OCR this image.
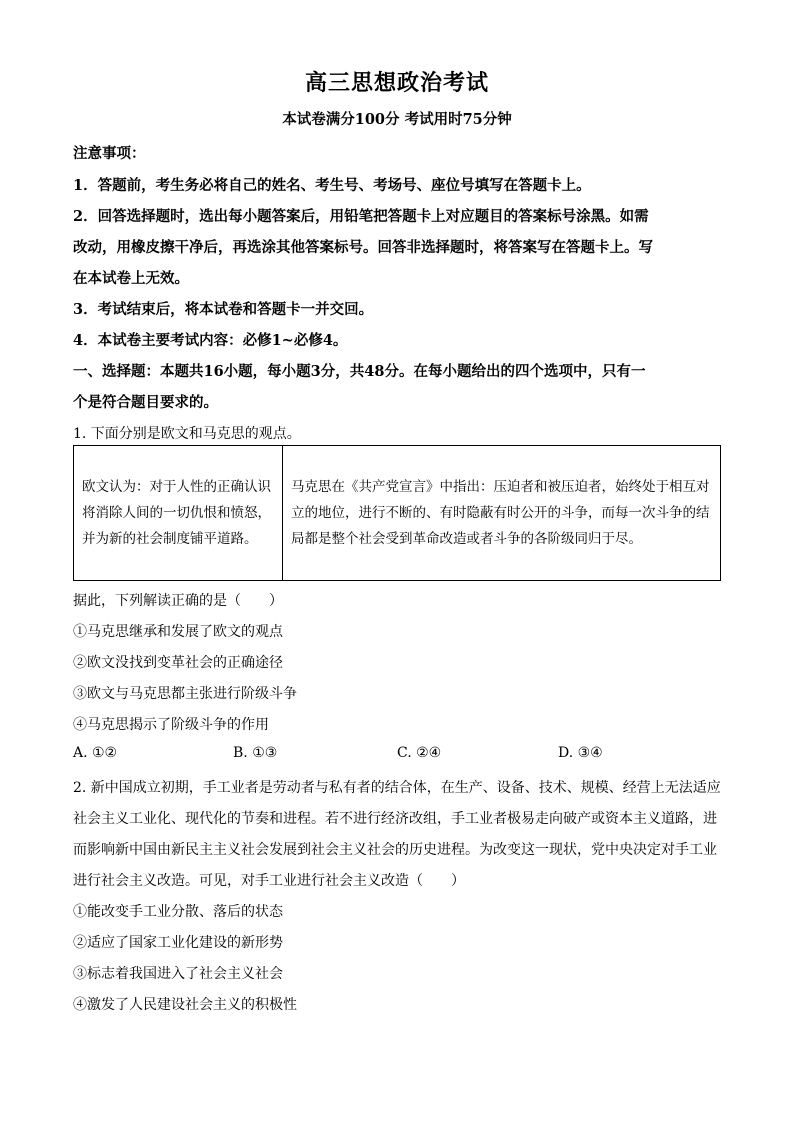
高三思想政治考试
本试卷满分100分 考试用时75分钟
注意事项：
1．答题前，考生务必将自己的姓名、考生号、考场号、座位号填写在答题卡上。
2．回答选择题时，选出每小题答案后，用铅笔把答题卡上对应题目的答案标号涂黑。如需
改动，用橡皮擦干净后，再选涂其他答案标号。回答非选择题时，将答案写在答题卡上。写
在本试卷上无效。
3．考试结束后，将本试卷和答题卡一并交回。
4．本试卷主要考试内容：必修1~必修4。
一、选择题：本题共16小题，每小题3分，共48分。在每小题给出的四个选项中，只有一
个是符合题目要求的。
1. 下面分别是欧文和马克思的观点。
欧文认为：对于人性的正确认识将消除人间的一切仇恨和愤怒，并为新的社会制度铺平道路。	马克思在《共产党宣言》中指出：压迫者和被压迫者，始终处于相互对立的地位，进行不断的、有时隐蔽有时公开的斗争，而每一次斗争的结局都是整个社会受到革命改造或者斗争的各阶级同归于尽。
据此，下列解读正确的是（　　）
①马克思继承和发展了欧文的观点
②欧文没找到变革社会的正确途径
③欧文与马克思都主张进行阶级斗争
④马克思揭示了阶级斗争的作用
A. ①②	B. ①③	C. ②④	D. ③④
2. 新中国成立初期，手工业者是劳动者与私有者的结合体，在生产、设备、技术、规模、经营上无法适应
社会主义工业化、现代化的节奏和进程。若不进行经济改组，手工业者极易走向破产或资本主义道路，进
而影响新中国由新民主主义社会发展到社会主义社会的历史进程。为改变这一现状，党中央决定对手工业
进行社会主义改造。可见，对手工业进行社会主义改造（　　）
①能改变手工业分散、落后的状态
②适应了国家工业化建设的新形势
③标志着我国进入了社会主义社会
④激发了人民建设社会主义的积极性
